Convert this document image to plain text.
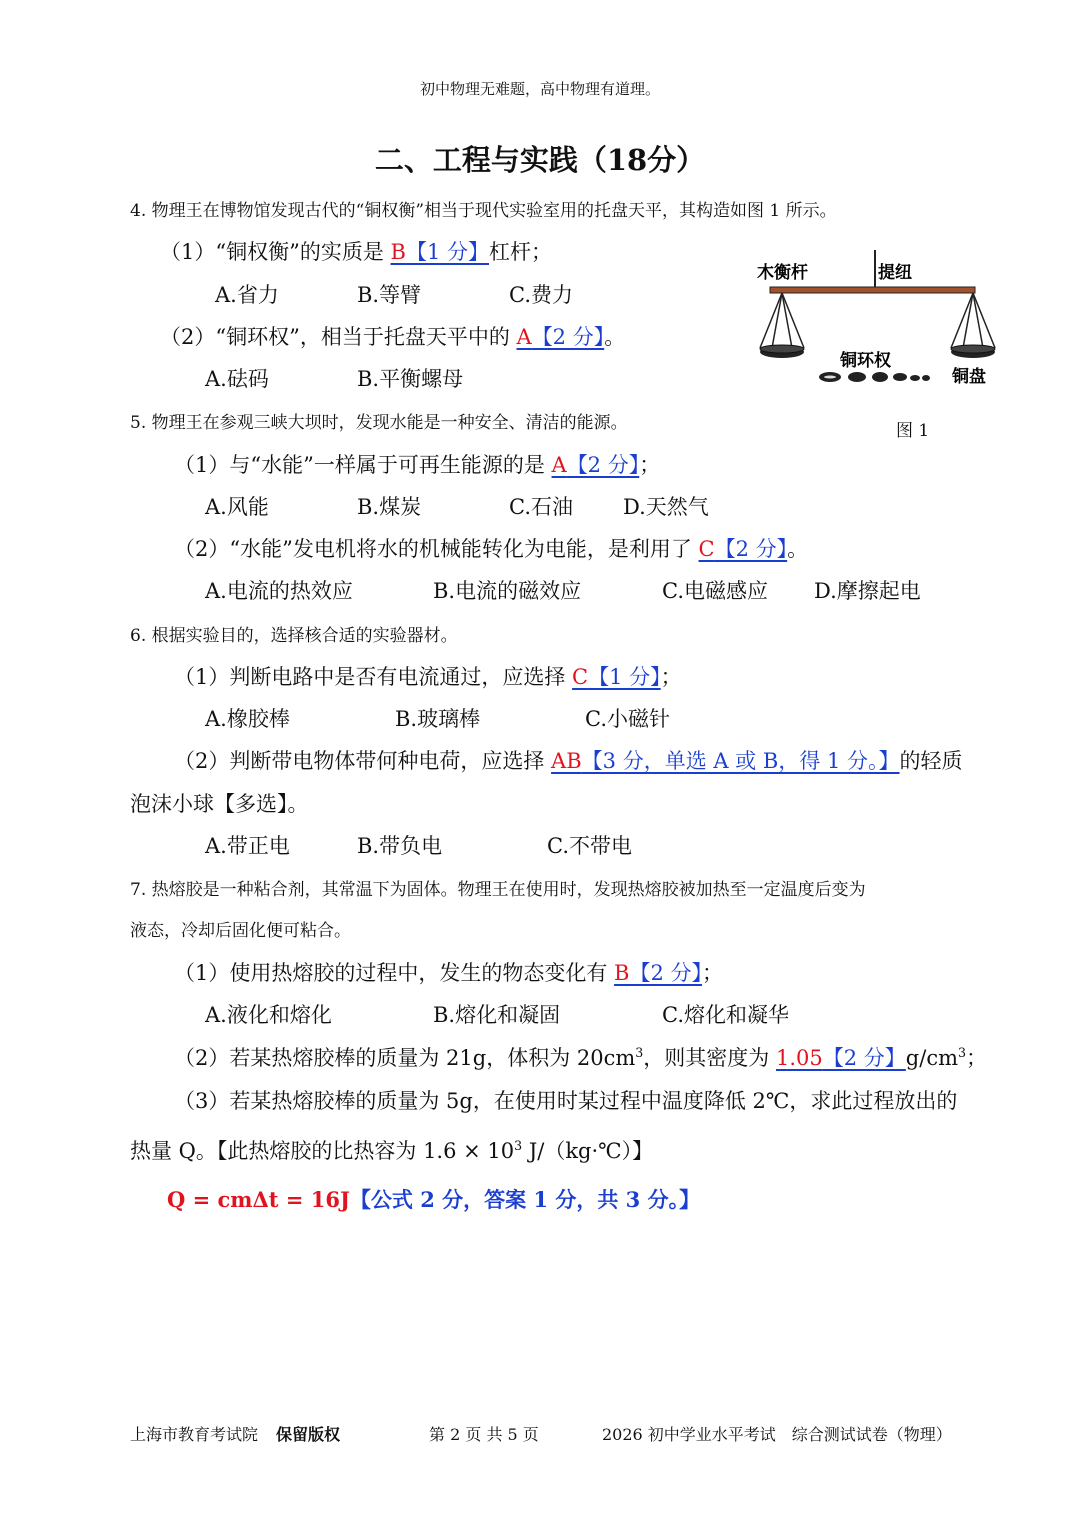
初中物理无难题，高中物理有道理。
二、工程与实践（18分）
4. 物理王在博物馆发现古代的“铜权衡”相当于现代实验室用的托盘天平，其构造如图 1 所示。
（1）“铜权衡”的实质是 B【1 分】杠杆；
A.省力	B.等臂	C.费力
（2）“铜环权”，相当于托盘天平中的 A【2 分】。
A.砝码	B.平衡螺母
木衡杆	提纽
铜环权
铜盘
图 1
5. 物理王在参观三峡大坝时，发现水能是一种安全、清洁的能源。
（1）与“水能”一样属于可再生能源的是 A【2 分】；
A.风能	B.煤炭	C.石油 D.天然气
（2）“水能”发电机将水的机械能转化为电能，是利用了 C【2 分】。
A.电流的热效应	B.电流的磁效应	C.电磁感应 D.摩擦起电
6. 根据实验目的，选择核合适的实验器材。
（1）判断电路中是否有电流通过，应选择 C【1 分】；
A.橡胶棒	B.玻璃棒	C.小磁针
（2）判断带电物体带何种电荷，应选择 AB【3 分，单选 A 或 B，得 1 分。】的轻质
泡沫小球【多选】。
A.带正电	B.带负电	C.不带电
7. 热熔胶是一种粘合剂，其常温下为固体。物理王在使用时，发现热熔胶被加热至一定温度后变为
液态，冷却后固化便可粘合。
（1）使用热熔胶的过程中，发生的物态变化有 B【2 分】；
A.液化和熔化	B.熔化和凝固	C.熔化和凝华
（2）若某热熔胶棒的质量为 21g，体积为 $20cm^3$，则其密度为 1.05【2 分】$g/cm^3$；
（3）若某热熔胶棒的质量为 5g，在使用时某过程中温度降低 2℃，求此过程放出的
热量 Q。【此热熔胶的比热容为 $1.6 \times 10^3$ J/（kg·℃）】
Q = cmΔt = 16J【公式 2 分，答案 1 分，共 3 分。】
上海市教育考试院 保留版权	第 2 页 共 5 页	2026 初中学业水平考试　综合测试试卷（物理）
